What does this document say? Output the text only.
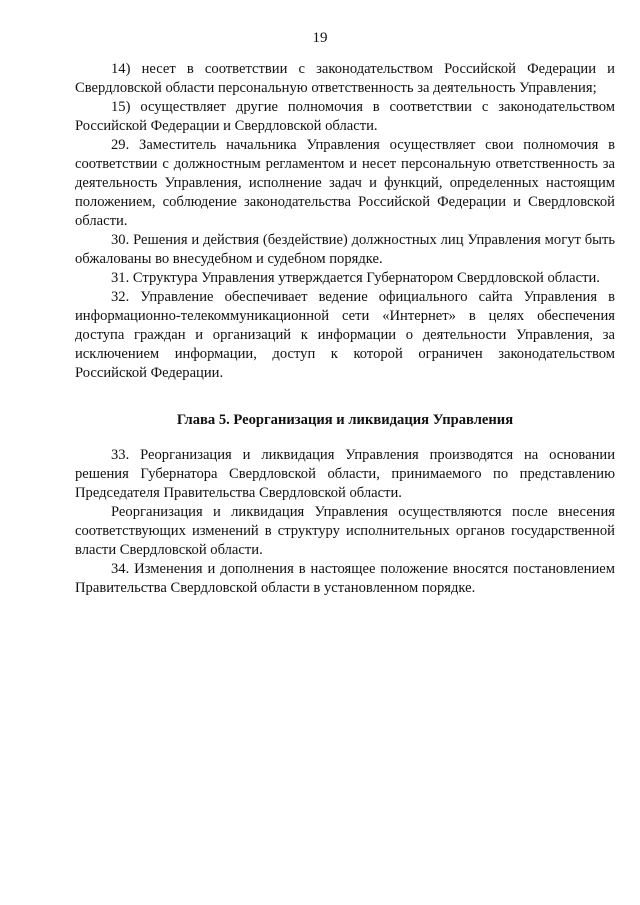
19

14) несет в соответствии с законодательством Российской Федерации и Свердловской области персональную ответственность за деятельность Управления;

15) осуществляет другие полномочия в соответствии с законодательством Российской Федерации и Свердловской области.

29. Заместитель начальника Управления осуществляет свои полномочия в соответствии с должностным регламентом и несет персональную ответственность за деятельность Управления, исполнение задач и функций, определенных настоящим положением, соблюдение законодательства Российской Федерации и Свердловской области.

30. Решения и действия (бездействие) должностных лиц Управления могут быть обжалованы во внесудебном и судебном порядке.

31. Структура Управления утверждается Губернатором Свердловской области.

32. Управление обеспечивает ведение официального сайта Управления в информационно-телекоммуникационной сети «Интернет» в целях обеспечения доступа граждан и организаций к информации о деятельности Управления, за исключением информации, доступ к которой ограничен законодательством Российской Федерации.

Глава 5. Реорганизация и ликвидация Управления

33. Реорганизация и ликвидация Управления производятся на основании решения Губернатора Свердловской области, принимаемого по представлению Председателя Правительства Свердловской области.

Реорганизация и ликвидация Управления осуществляются после внесения соответствующих изменений в структуру исполнительных органов государственной власти Свердловской области.

34. Изменения и дополнения в настоящее положение вносятся постановлением Правительства Свердловской области в установленном порядке.
